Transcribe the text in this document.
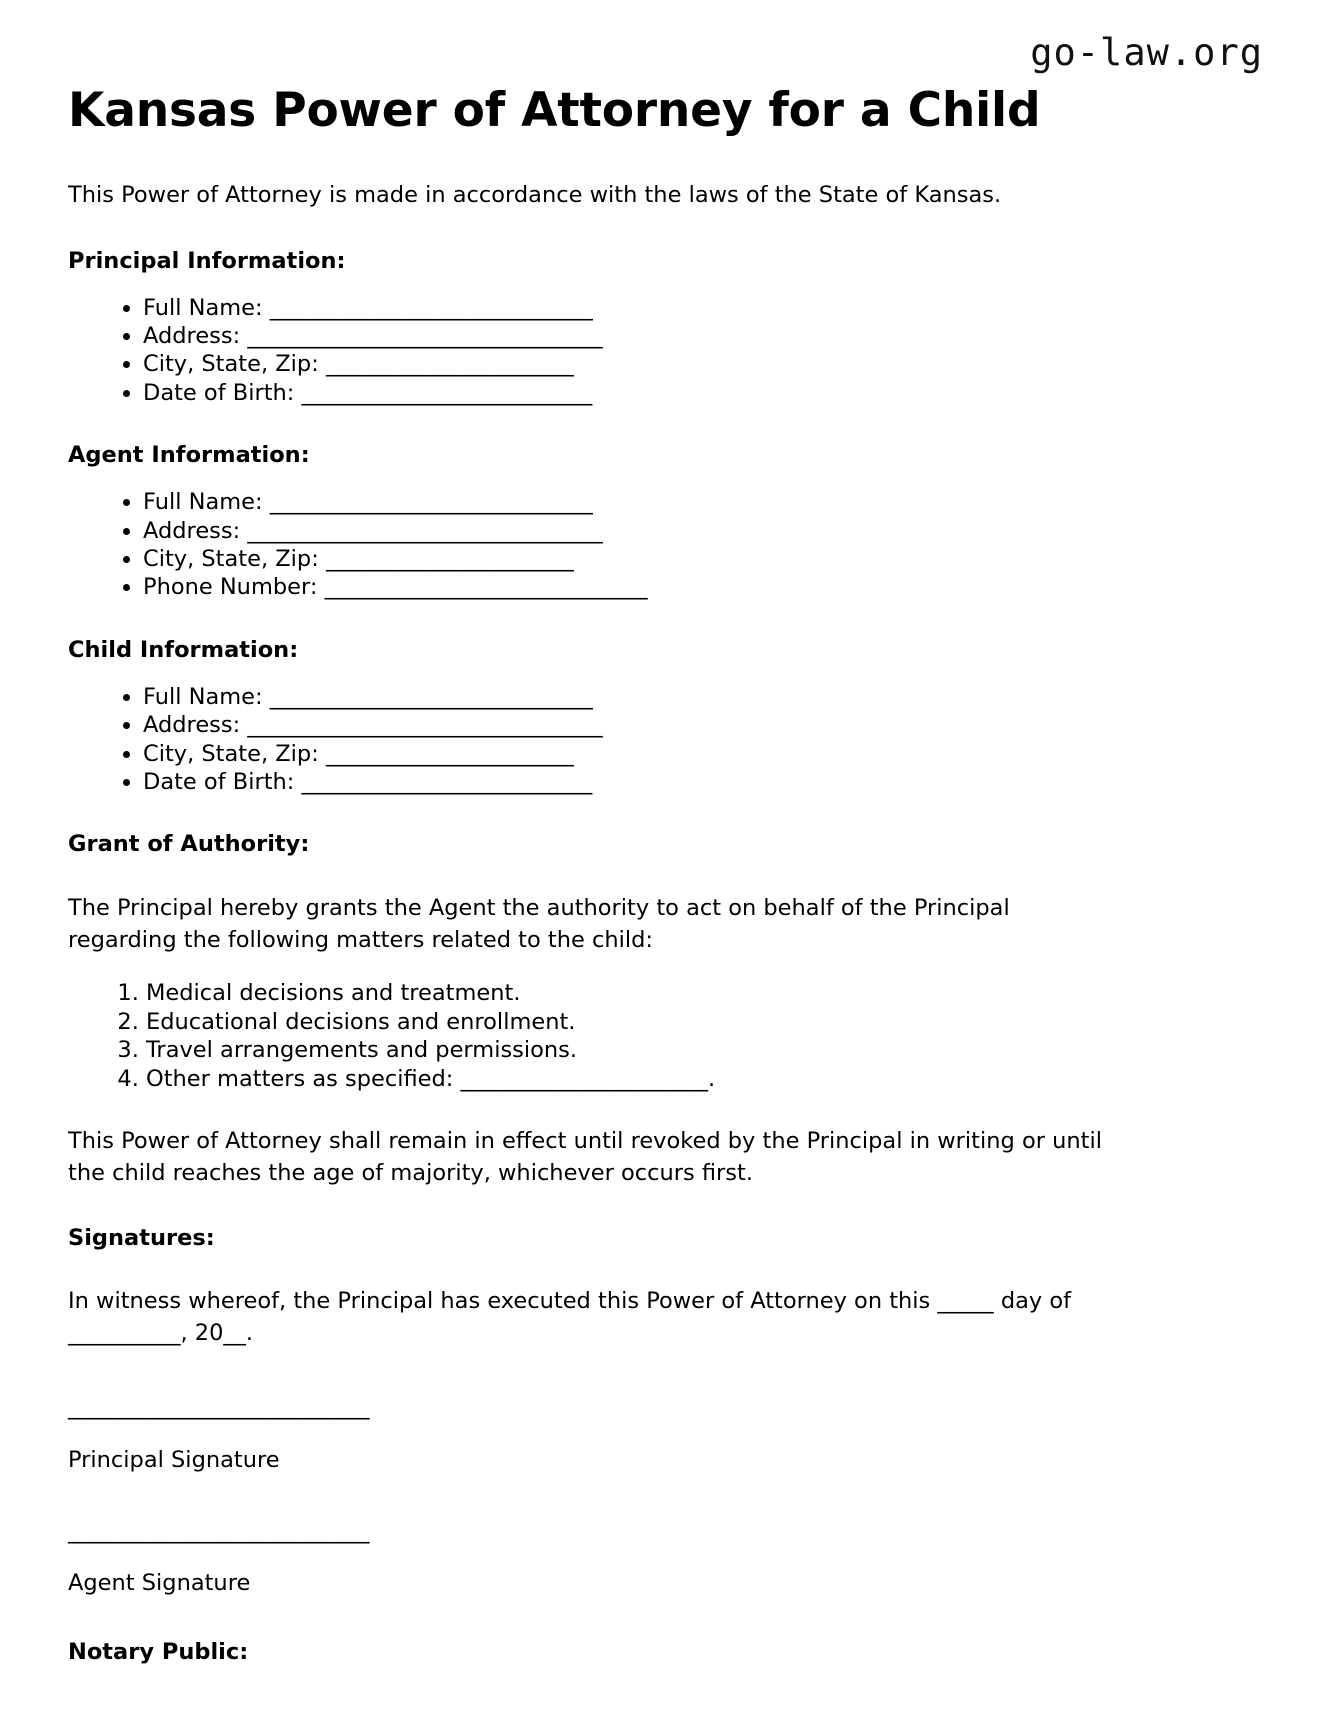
go-law.org
Kansas Power of Attorney for a Child

This Power of Attorney is made in accordance with the laws of the State of Kansas.

Principal Information:
• Full Name: ______________________________
• Address: _________________________________
• City, State, Zip: _______________________
• Date of Birth: ___________________________
Agent Information:
• Full Name: ______________________________
• Address: _________________________________
• City, State, Zip: _______________________
• Phone Number: ______________________________
Child Information:
• Full Name: ______________________________
• Address: _________________________________
• City, State, Zip: _______________________
• Date of Birth: ___________________________
Grant of Authority:

The Principal hereby grants the Agent the authority to act on behalf of the Principal regarding the following matters related to the child:

1. Medical decisions and treatment.
2. Educational decisions and enrollment.
3. Travel arrangements and permissions.
4. Other matters as specified: ______________________.

This Power of Attorney shall remain in effect until revoked by the Principal in writing or until the child reaches the age of majority, whichever occurs first.

Signatures:

In witness whereof, the Principal has executed this Power of Attorney on this _____ day of __________, 20__.

____________________________
Principal Signature
____________________________
Agent Signature
Notary Public:
